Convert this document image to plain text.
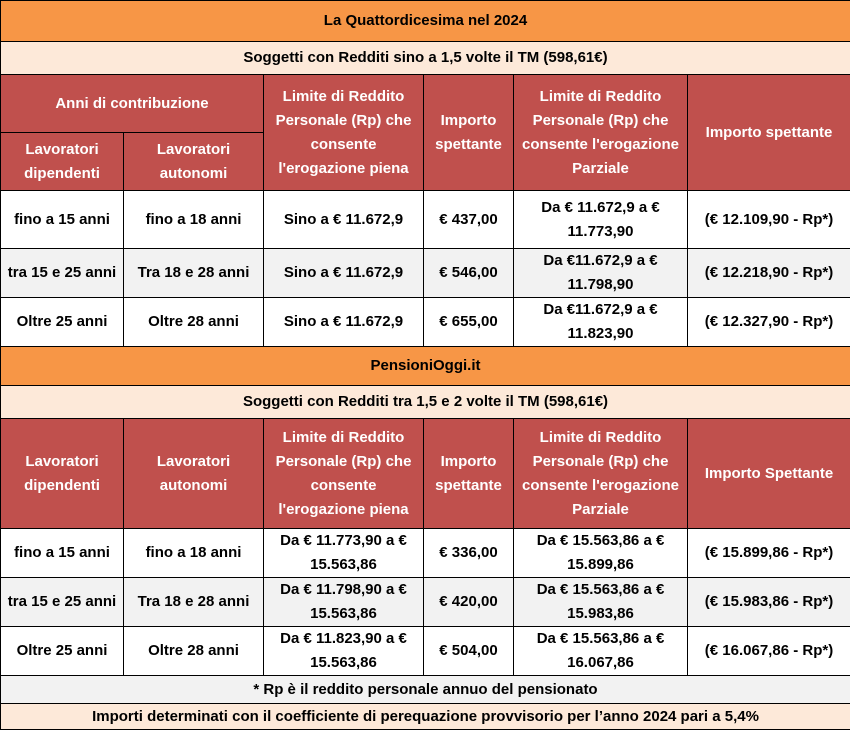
La Quattordicesima nel 2024					
Soggetti con Redditi sino a 1,5 volte il TM (598,61€)					
Anni di contribuzione		Limite di Reddito Personale (Rp) che consente l'erogazione piena	Importo spettante	Limite di Reddito Personale (Rp) che consente l'erogazione Parziale	Importo spettante
Lavoratori dipendenti	Lavoratori autonomi				
fino a 15 anni	fino a 18 anni	Sino a € 11.672,9	€ 437,00	Da € 11.672,9 a € 11.773,90	(€ 12.109,90 - Rp*)
tra 15 e 25 anni	Tra 18 e 28 anni	Sino a € 11.672,9	€ 546,00	Da €11.672,9 a € 11.798,90	(€ 12.218,90 - Rp*)
Oltre 25 anni	Oltre 28 anni	Sino a € 11.672,9	€ 655,00	Da €11.672,9 a € 11.823,90	(€ 12.327,90 - Rp*)
PensioniOggi.it					
Soggetti con Redditi tra 1,5 e 2 volte il TM (598,61€)					
Lavoratori dipendenti	Lavoratori autonomi	Limite di Reddito Personale (Rp) che consente l'erogazione piena	Importo spettante	Limite di Reddito Personale (Rp) che consente l'erogazione Parziale	Importo Spettante
fino a 15 anni	fino a 18 anni	Da € 11.773,90 a € 15.563,86	€ 336,00	Da € 15.563,86 a € 15.899,86	(€ 15.899,86 - Rp*)
tra 15 e 25 anni	Tra 18 e 28 anni	Da € 11.798,90 a € 15.563,86	€ 420,00	Da € 15.563,86 a € 15.983,86	(€ 15.983,86 - Rp*)
Oltre 25 anni	Oltre 28 anni	Da € 11.823,90 a € 15.563,86	€ 504,00	Da € 15.563,86 a € 16.067,86	(€ 16.067,86 - Rp*)
* Rp è il reddito personale annuo del pensionato					
Importi determinati con il coefficiente di perequazione provvisorio per l’anno 2024 pari a 5,4%					
